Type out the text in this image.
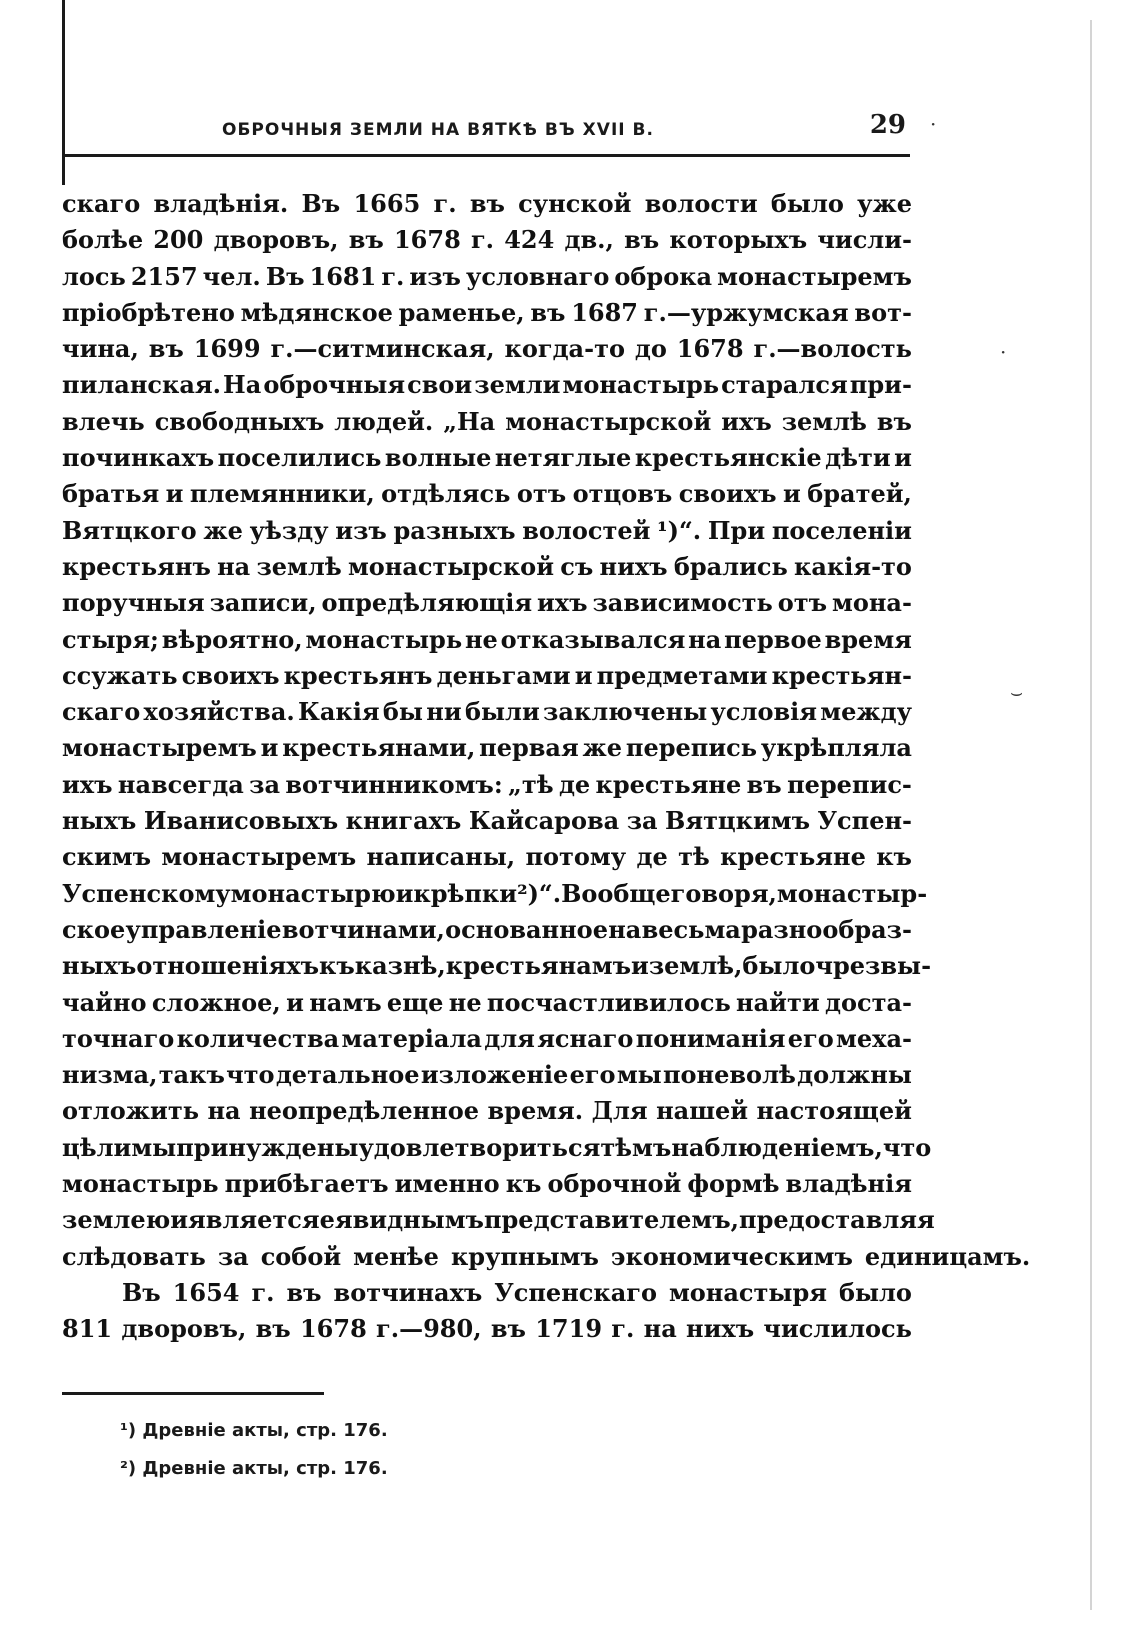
ОБРОЧНЫЯ ЗЕМЛИ НА ВЯТКѢ ВЪ XVII В.	29
скаго владѣнія. Въ 1665 г. въ сунской волости было уже
болѣе 200 дворовъ, въ 1678 г. 424 дв., въ которыхъ числи-
лось 2157 чел. Въ 1681 г. изъ условнаго оброка монастыремъ
пріобрѣтено мѣдянское раменье, въ 1687 г.—уржумская вот-
чина, въ 1699 г.—ситминская, когда-то до 1678 г.—волость
пиланская. На оброчныя свои земли монастырь старался при-
влечь свободныхъ людей. „На монастырской ихъ землѣ въ
починкахъ поселились волные нетяглые крестьянскіе дѣти и
братья и племянники, отдѣлясь отъ отцовъ своихъ и братей,
Вятцкого же уѣзду изъ разныхъ волостей ¹)“. При поселеніи
крестьянъ на землѣ монастырской съ нихъ брались какія-то
поручныя записи, опредѣляющія ихъ зависимость отъ мона-
стыря; вѣроятно, монастырь не отказывался на первое время
ссужать своихъ крестьянъ деньгами и предметами крестьян-
скаго хозяйства. Какія бы ни были заключены условія между
монастыремъ и крестьянами, первая же перепись укрѣпляла
ихъ навсегда за вотчинникомъ: „тѣ де крестьяне въ перепис-
ныхъ Иванисовыхъ книгахъ Кайсарова за Вятцкимъ Успен-
скимъ монастыремъ написаны, потому де тѣ крестьяне къ
Успенскому монастырю и крѣпки ²)“. Вообще говоря, монастыр-
ское управленіе вотчинами, основанное на весьма разнообраз-
ныхъ отношеніяхъ къ казнѣ, крестьянамъ и землѣ, было чрезвы-
чайно сложное, и намъ еще не посчастливилось найти доста-
точнаго количества матеріала для яснаго пониманія его меха-
низма, такъ что детальное изложеніе его мы поневолѣ должны
отложить на неопредѣленное время. Для нашей настоящей
цѣли мы принуждены удовлетвориться тѣмъ наблюденіемъ, что
монастырь прибѣгаетъ именно къ оброчной формѣ владѣнія
землею и является ея виднымъ представителемъ, предоставляя
слѣдовать за собой менѣе крупнымъ экономическимъ единицамъ.
Въ 1654 г. въ вотчинахъ Успенскаго монастыря было
811 дворовъ, въ 1678 г.—980, въ 1719 г. на нихъ числилось
¹) Древніе акты, стр. 176.
²) Древніе акты, стр. 176.
·
⌣
·
